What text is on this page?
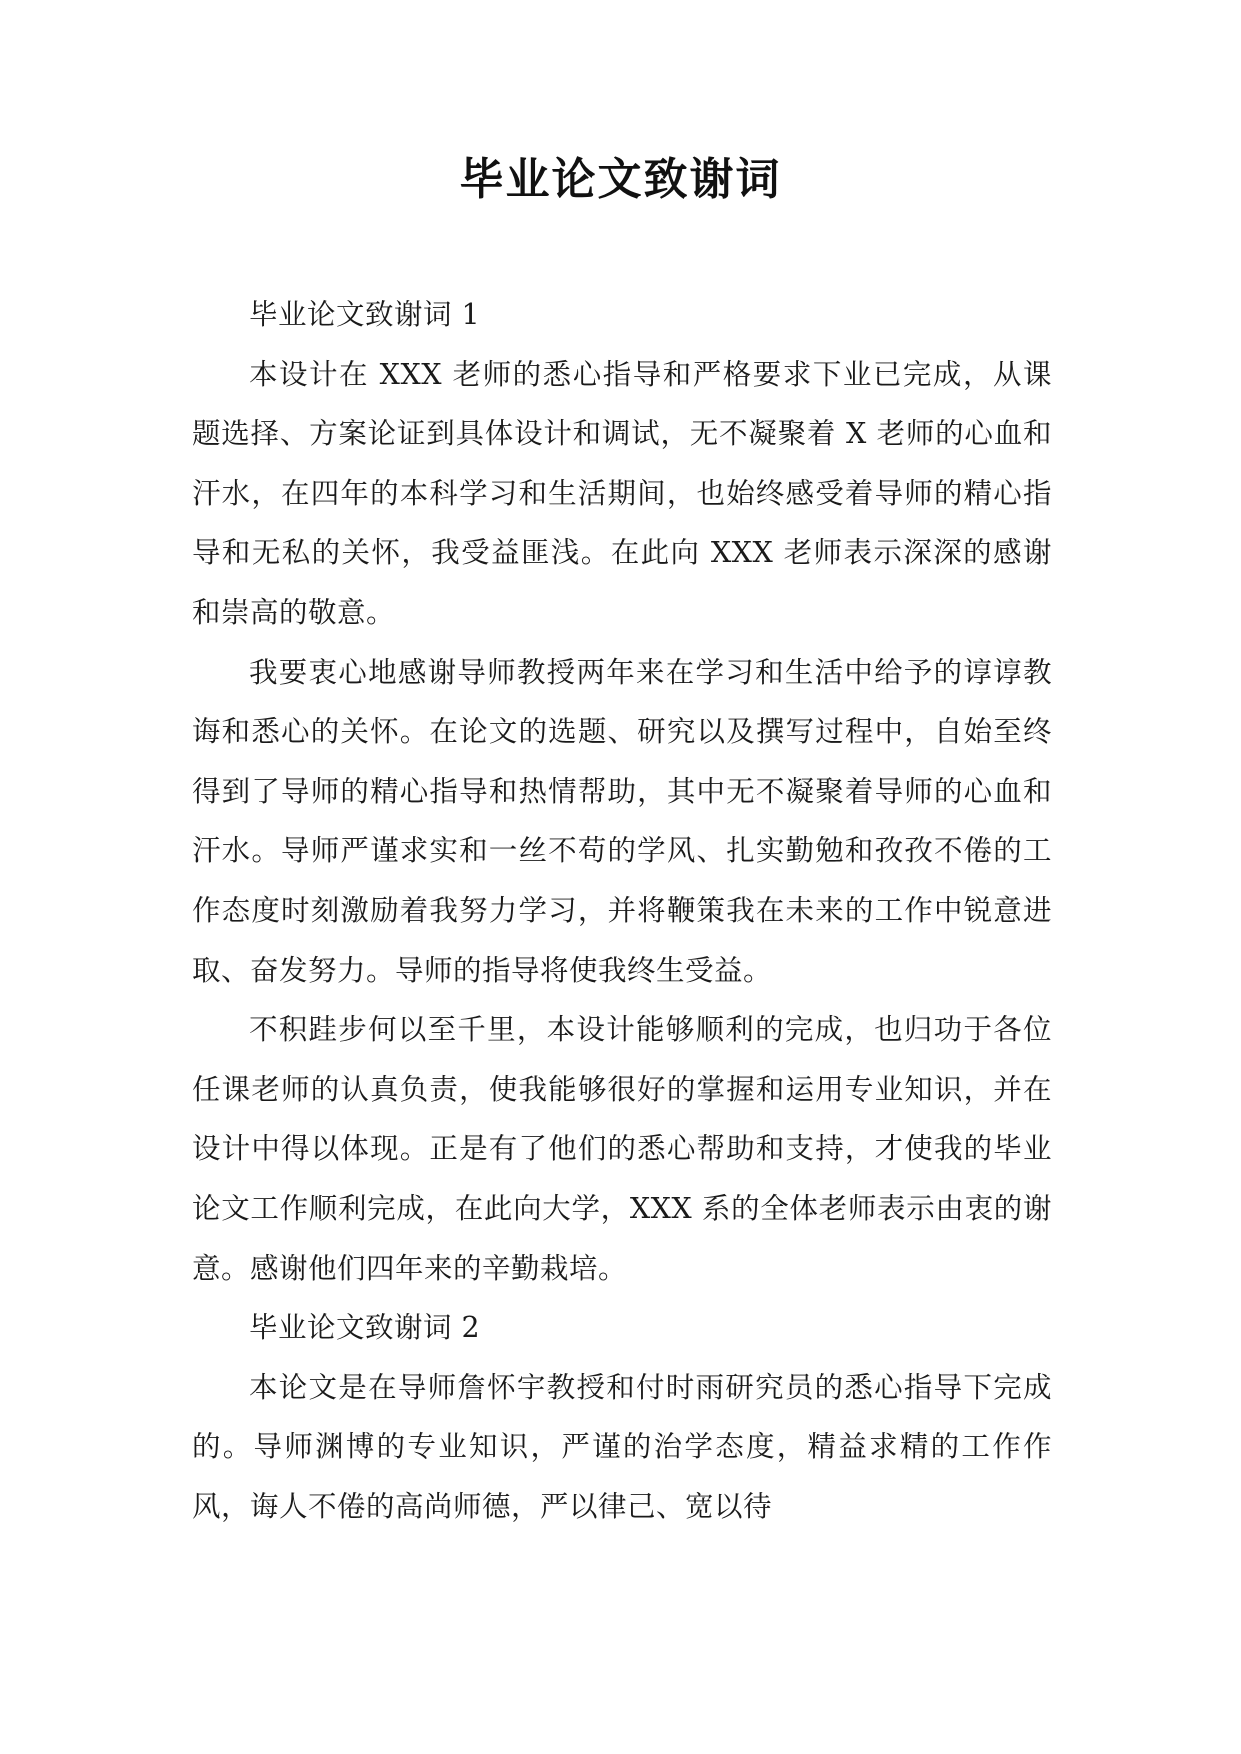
毕业论文致谢词

毕业论文致谢词 1

本设计在 XXX 老师的悉心指导和严格要求下业已完成，从课题选择、方案论证到具体设计和调试，无不凝聚着 X 老师的心血和汗水，在四年的本科学习和生活期间，也始终感受着导师的精心指导和无私的关怀，我受益匪浅。在此向 XXX 老师表示深深的感谢和崇高的敬意。

我要衷心地感谢导师教授两年来在学习和生活中给予的谆谆教诲和悉心的关怀。在论文的选题、研究以及撰写过程中，自始至终得到了导师的精心指导和热情帮助，其中无不凝聚着导师的心血和汗水。导师严谨求实和一丝不苟的学风、扎实勤勉和孜孜不倦的工作态度时刻激励着我努力学习，并将鞭策我在未来的工作中锐意进取、奋发努力。导师的指导将使我终生受益。

不积跬步何以至千里，本设计能够顺利的完成，也归功于各位任课老师的认真负责，使我能够很好的掌握和运用专业知识，并在设计中得以体现。正是有了他们的悉心帮助和支持，才使我的毕业论文工作顺利完成，在此向大学，XXX 系的全体老师表示由衷的谢意。感谢他们四年来的辛勤栽培。

毕业论文致谢词 2

本论文是在导师詹怀宇教授和付时雨研究员的悉心指导下完成的。导师渊博的专业知识，严谨的治学态度，精益求精的工作作风，诲人不倦的高尚师德，严以律己、宽以待
